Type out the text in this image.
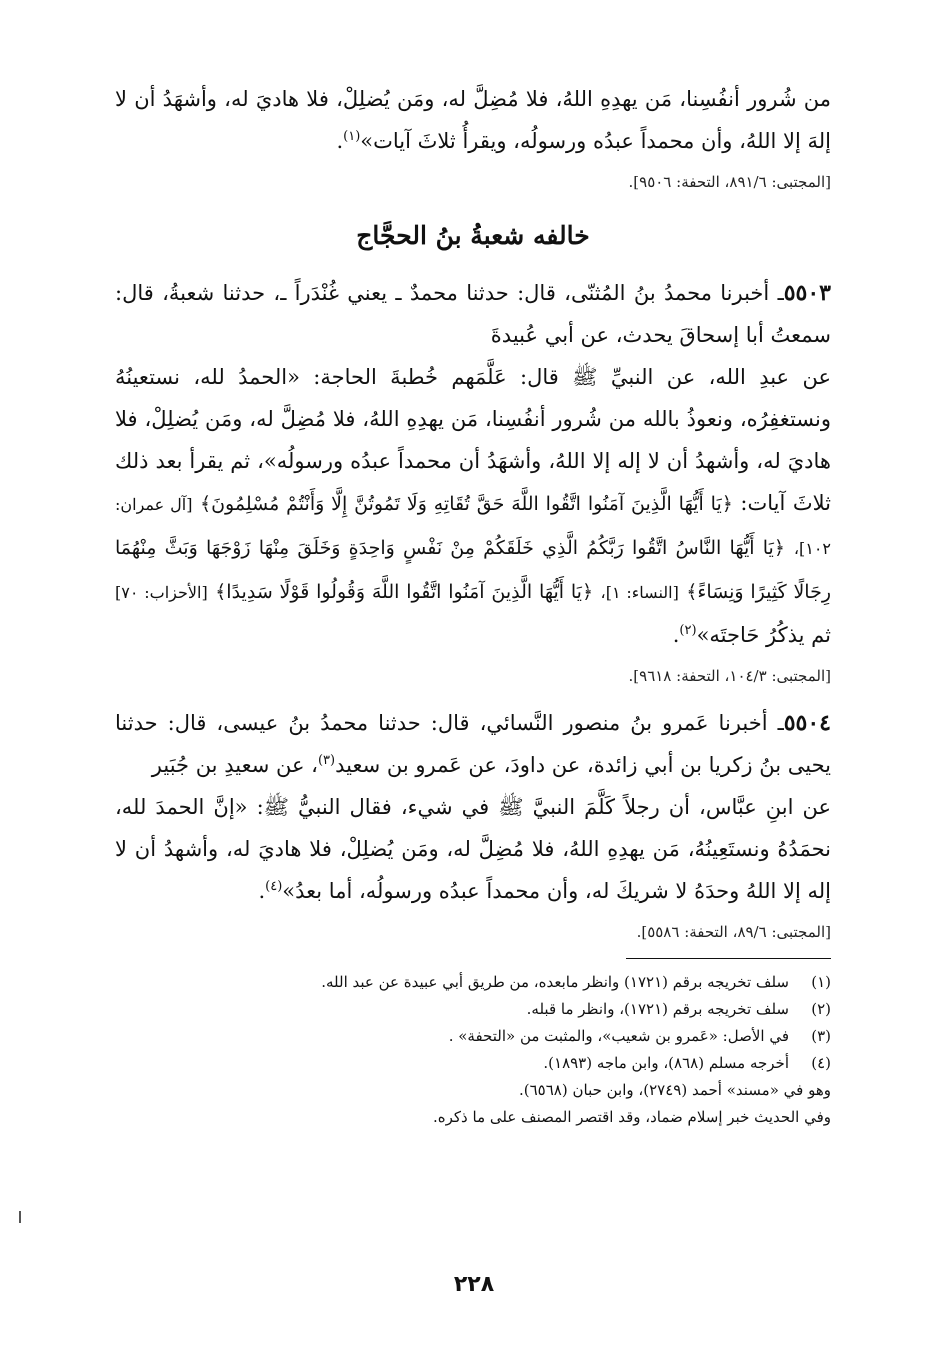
من شُرور أنفُسِنا، مَن يهدِهِ اللهُ، فلا مُضِلَّ له، ومَن يُضلِلْ، فلا هاديَ له، وأشهَدُ أن لا إلهَ إلا اللهُ، وأن محمداً عبدُه ورسولُه، ويقرأُ ثلاثَ آيات»$^{(١)}$.

[المجتبى: ٨٩١/٦، التحفة: ٩٥٠٦].
خالفه شعبةُ بنُ الحجَّاج

٥٥٠٣ـ أخبرنا محمدُ بنُ المُثنّى، قال: حدثنا محمدٌ ـ يعني غُنْدَراً ـ، حدثنا شعبةُ، قال: سمعتُ أبا إسحاقَ يحدث، عن أبي عُبيدةَ

عن عبدِ الله، عن النبيِّ ﷺ قال: عَلَّمَهم خُطبةَ الحاجة: «الحمدُ لله، نستعينُهُ ونستغفِرُه، ونعوذُ بالله من شُرور أنفُسِنا، مَن يهدِهِ اللهُ، فلا مُضِلَّ له، ومَن يُضلِلْ، فلا هاديَ له، وأشهدُ أن لا إله إلا اللهُ، وأشهَدُ أن محمداً عبدُه ورسولُه»، ثم يقرأ بعد ذلك ثلاثَ آيات: ﴿يَا أَيُّهَا الَّذِينَ آمَنُوا اتَّقُوا اللَّهَ حَقَّ تُقَاتِهِ وَلَا تَمُوتُنَّ إِلَّا وَأَنْتُمْ مُسْلِمُونَ﴾ [آل عمران: ١٠٢]، ﴿يَا أَيُّهَا النَّاسُ اتَّقُوا رَبَّكُمُ الَّذِي خَلَقَكُمْ مِنْ نَفْسٍ وَاحِدَةٍ وَخَلَقَ مِنْهَا زَوْجَهَا وَبَثَّ مِنْهُمَا رِجَالًا كَثِيرًا وَنِسَاءً﴾ [النساء: ١]، ﴿يَا أَيُّهَا الَّذِينَ آمَنُوا اتَّقُوا اللَّهَ وَقُولُوا قَوْلًا سَدِيدًا﴾ [الأحزاب: ٧٠] ثم يذكُرُ حَاجتَه»$^{(٢)}$.

[المجتبى: ١٠٤/٣، التحفة: ٩٦١٨].

٥٥٠٤ـ أخبرنا عَمرو بنُ منصور النَّسائي، قال: حدثنا محمدُ بنُ عيسى، قال: حدثنا يحيى بنُ زكريا بن أبي زائدة، عن داودَ، عن عَمرو بن سعيد$^{(٣)}$، عن سعيدِ بن جُبَير

عن ابنِ عبَّاس، أن رجلاً كَلَّمَ النبيَّ ﷺ في شيء، فقال النبيُّ ﷺ: «إنَّ الحمدَ لله، نحمَدُهُ ونستَعِينُهُ، مَن يهدِهِ اللهُ، فلا مُضِلَّ له، ومَن يُضلِلْ، فلا هاديَ له، وأشهدُ أن لا إله إلا اللهُ وحدَهُ لا شريكَ له، وأن محمداً عبدُه ورسولُه، أما بعدُ»$^{(٤)}$.

[المجتبى: ٨٩/٦، التحفة: ٥٥٨٦].

(١)سلف تخريجه برقم (١٧٢١) وانظر مابعده، من طريق أبي عبيدة عن عبد الله.

(٢)سلف تخريجه برقم (١٧٢١)، وانظر ما قبله.

(٣)في الأصل: «عَمرو بن شعيب»، والمثبت من «التحفة» .

(٤)أخرجه مسلم (٨٦٨)، وابن ماجه (١٨٩٣).

وهو في «مسند» أحمد (٢٧٤٩)، وابن حبان (٦٥٦٨).

وفي الحديث خبر إسلام ضماد، وقد اقتصر المصنف على ما ذكره.

٢٢٨
